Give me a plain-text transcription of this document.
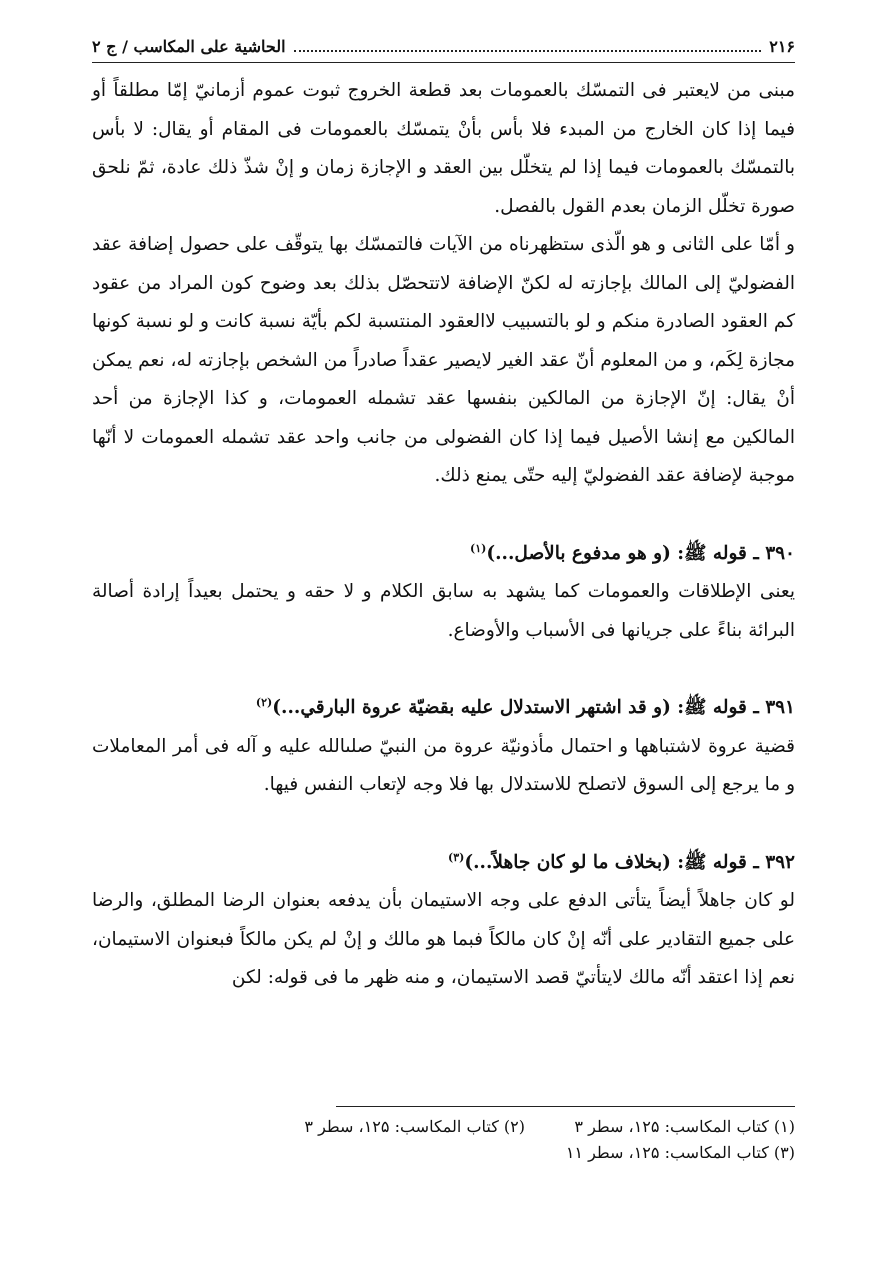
۲۱۶
الحاشية على المكاسب / ج ۲

مبنى من لايعتبر فى التمسّك بالعمومات بعد قطعة الخروج ثبوت عموم أزمانيّ إمّا مطلقاً أو فيما إذا كان الخارج من المبدء فلا بأس بأنْ يتمسّك بالعمومات فى المقام أو يقال: لا بأس بالتمسّك بالعمومات فيما إذا لم يتخلّل بين العقد و الإجازة زمان و إنْ شذّ ذلك عادة، ثمّ نلحق صورة تخلّل الزمان بعدم القول بالفصل.

و أمّا على الثانى و هو الّذى ستظهرناه من الآيات فالتمسّك بها يتوقّف على حصول إضافة عقد الفضوليّ إلى المالك بإجازته له لكنّ الإضافة لاتتحصّل بذلك بعد وضوح كون المراد من عقود كم العقود الصادرة منكم و لو بالتسبيب لاالعقود المنتسبة لكم بأيّة نسبة كانت و لو نسبة كونها مجازة لِكَم، و من المعلوم أنّ عقد الغير لايصير عقداً صادراً من الشخص بإجازته له، نعم يمكن أنْ يقال: إنّ الإجازة من المالكين بنفسها عقد تشمله العمومات، و كذا الإجازة من أحد المالكين مع إنشا الأصيل فيما إذا كان الفضولى من جانب واحد عقد تشمله العمومات لا أنّها موجبة لإضافة عقد الفضوليّ إليه حتّى يمنع ذلك.

۳۹۰ ـ قوله ﷺ: (و هو مدفوع بالأصل...)$^{(۱)}$

يعنى الإطلاقات والعمومات كما يشهد به سابق الكلام و لا حقه و يحتمل بعيداً إرادة أصالة البرائة بناءً على جريانها فى الأسباب والأوضاع.

۳۹۱ ـ قوله ﷺ: (و قد اشتهر الاستدلال عليه بقضيّة عروة البارقي...)$^{(۲)}$

قضية عروة لاشتباهها و احتمال مأذونيّة عروة من النبيّ صلىالله عليه و آله فى أمر المعاملات و ما يرجع إلى السوق لاتصلح للاستدلال بها فلا وجه لإتعاب النفس فيها.

۳۹۲ ـ قوله ﷺ: (بخلاف ما لو كان جاهلاً...)$^{(۳)}$

لو كان جاهلاً أيضاً يتأتى الدفع على وجه الاستيمان بأن يدفعه بعنوان الرضا المطلق، والرضا على جميع التقادير على أنّه إنْ كان مالكاً فبما هو مالك و إنْ لم يكن مالكاً فبعنوان الاستيمان، نعم إذا اعتقد أنّه مالك لايتأتيّ قصد الاستيمان، و منه ظهر ما فى قوله: لكن

(۱) كتاب المكاسب: ۱۲۵، سطر ۳
(۲) كتاب المكاسب: ۱۲۵، سطر ۳
(۳) كتاب المكاسب: ۱۲۵، سطر ۱۱
